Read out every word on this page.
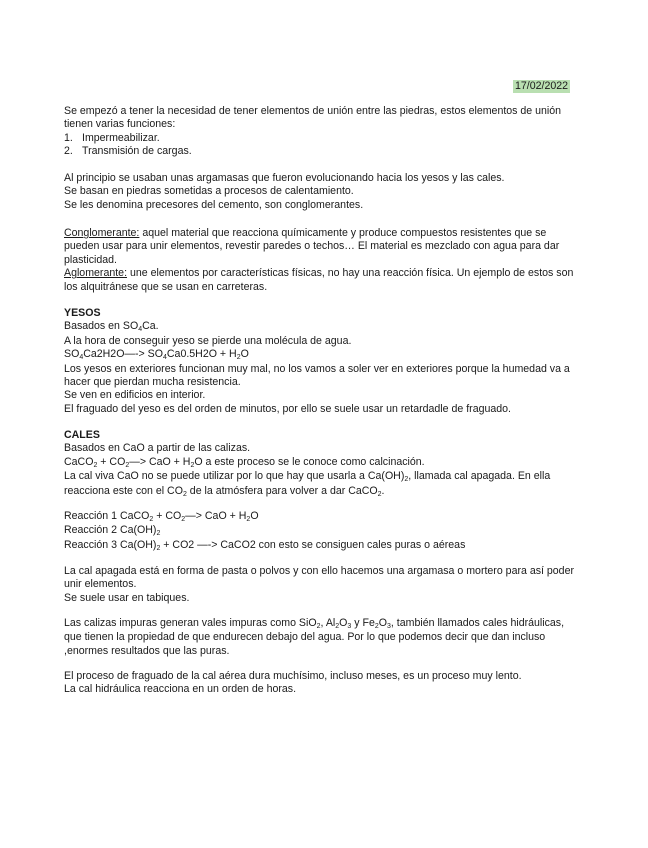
17/02/2022

Se empezó a tener la necesidad de tener elementos de unión entre las piedras, estos elementos de unión tienen varias funciones:

1. Impermeabilizar.
2. Transmisión de cargas.

Al principio se usaban unas argamasas que fueron evolucionando hacia los yesos y las cales.

Se basan en piedras sometidas a procesos de calentamiento.

Se les denomina precesores del cemento, son conglomerantes.

Conglomerante: aquel material que reacciona químicamente y produce compuestos resistentes que se pueden usar para unir elementos, revestir paredes o techos… El material es mezclado con agua para dar plasticidad.

Aglomerante: une elementos por características físicas, no hay una reacción física. Un ejemplo de estos son los alquitránese que se usan en carreteras.

YESOS

Basados en $SO_4Ca$.

A la hora de conseguir yeso se pierde una molécula de agua.

$SO_4Ca2H2O—-> SO_4Ca0.5H2O + H_2O$

Los yesos en exteriores funcionan muy mal, no los vamos a soler ver en exteriores porque la humedad va a hacer que pierdan mucha resistencia.

Se ven en edificios en interior.

El fraguado del yeso es del orden de minutos, por ello se suele usar un retardadle de fraguado.

CALES

Basados en CaO a partir de las calizas.

CaCO$_2$ + $CO_2—>$ CaO + $H_2O$ a este proceso se le conoce como calcinación.

La cal viva CaO no se puede utilizar por lo que hay que usarla a $Ca(OH)_2$, llamada cal apagada. En ella reacciona este con el $CO_2$ de la atmósfera para volver a dar CaCO$_2$.

Reacción 1 CaCO$_2$ + $CO_2—>$ CaO + $H_2O$

Reacción 2 $Ca(OH)_2$

Reacción 3 $Ca(OH)_2 + CO2$ —-> CaCO2 con esto se consiguen cales puras o aéreas

La cal apagada está en forma de pasta o polvos y con ello hacemos una argamasa o mortero para así poder unir elementos.

Se suele usar en tabiques.

Las calizas impuras generan vales impuras como SiO$_2$, $Al_2O_3$ y $Fe_2O_3$, también llamados cales hidráulicas, que tienen la propiedad de que endurecen debajo del agua. Por lo que podemos decir que dan incluso ,enormes resultados que las puras.

El proceso de fraguado de la cal aérea dura muchísimo, incluso meses, es un proceso muy lento.

La cal hidráulica reacciona en un orden de horas.
